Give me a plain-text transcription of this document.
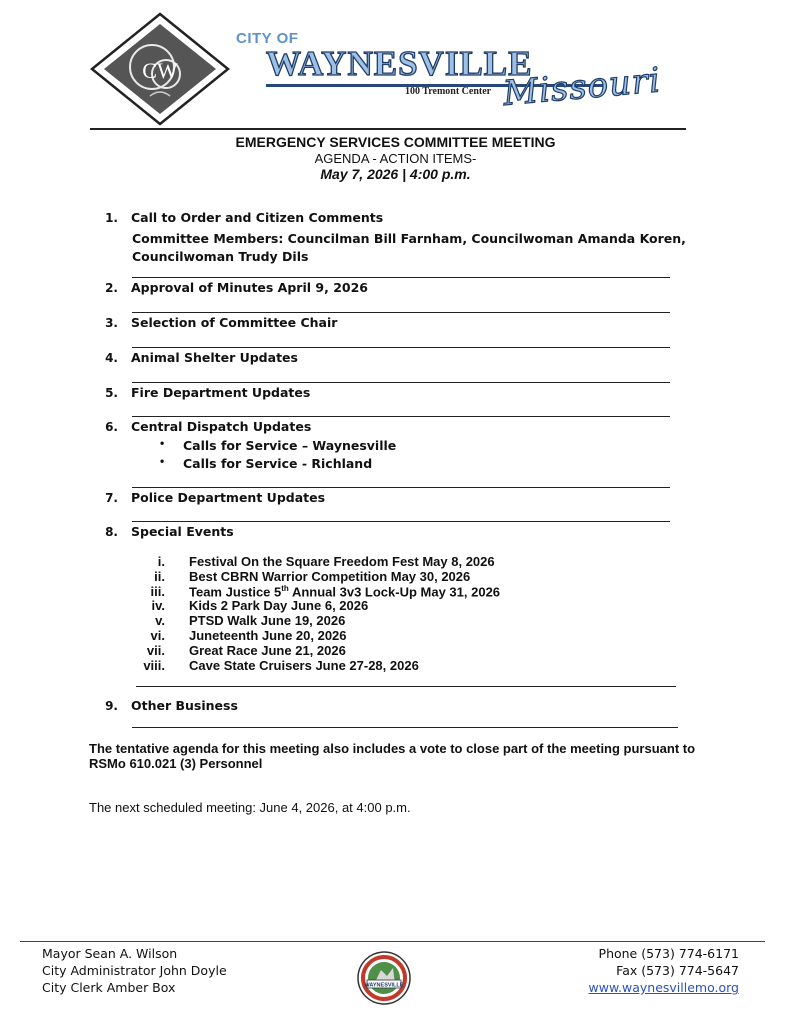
CW
CITY OF
WAYNESVILLE
100 Tremont Center Missouri
EMERGENCY SERVICES COMMITTEE MEETING
AGENDA - ACTION ITEMS-
May 7, 2026 | 4:00 p.m.
1. Call to Order and Citizen Comments
Committee Members: Councilman Bill Farnham, Councilwoman Amanda Koren, Councilwoman Trudy Dils
2. Approval of Minutes April 9, 2026
3. Selection of Committee Chair
4. Animal Shelter Updates
5. Fire Department Updates
6. Central Dispatch Updates
• Calls for Service – Waynesville
• Calls for Service - Richland
7. Police Department Updates
8. Special Events
i. Festival On the Square Freedom Fest May 8, 2026
ii. Best CBRN Warrior Competition May 30, 2026
iii. Team Justice 5th Annual 3v3 Lock-Up May 31, 2026
iv. Kids 2 Park Day June 6, 2026
v. PTSD Walk June 19, 2026
vi. Juneteenth June 20, 2026
vii. Great Race June 21, 2026
viii. Cave State Cruisers June 27-28, 2026
9. Other Business
The tentative agenda for this meeting also includes a vote to close part of the meeting pursuant to RSMo 610.021 (3) Personnel
The next scheduled meeting: June 4, 2026, at 4:00 p.m.
Mayor Sean A. Wilson
City Administrator John Doyle
City Clerk Amber Box	WAYNESVILLE
Phone (573) 774-6171
Fax (573) 774-5647
www.waynesvillemo.org
